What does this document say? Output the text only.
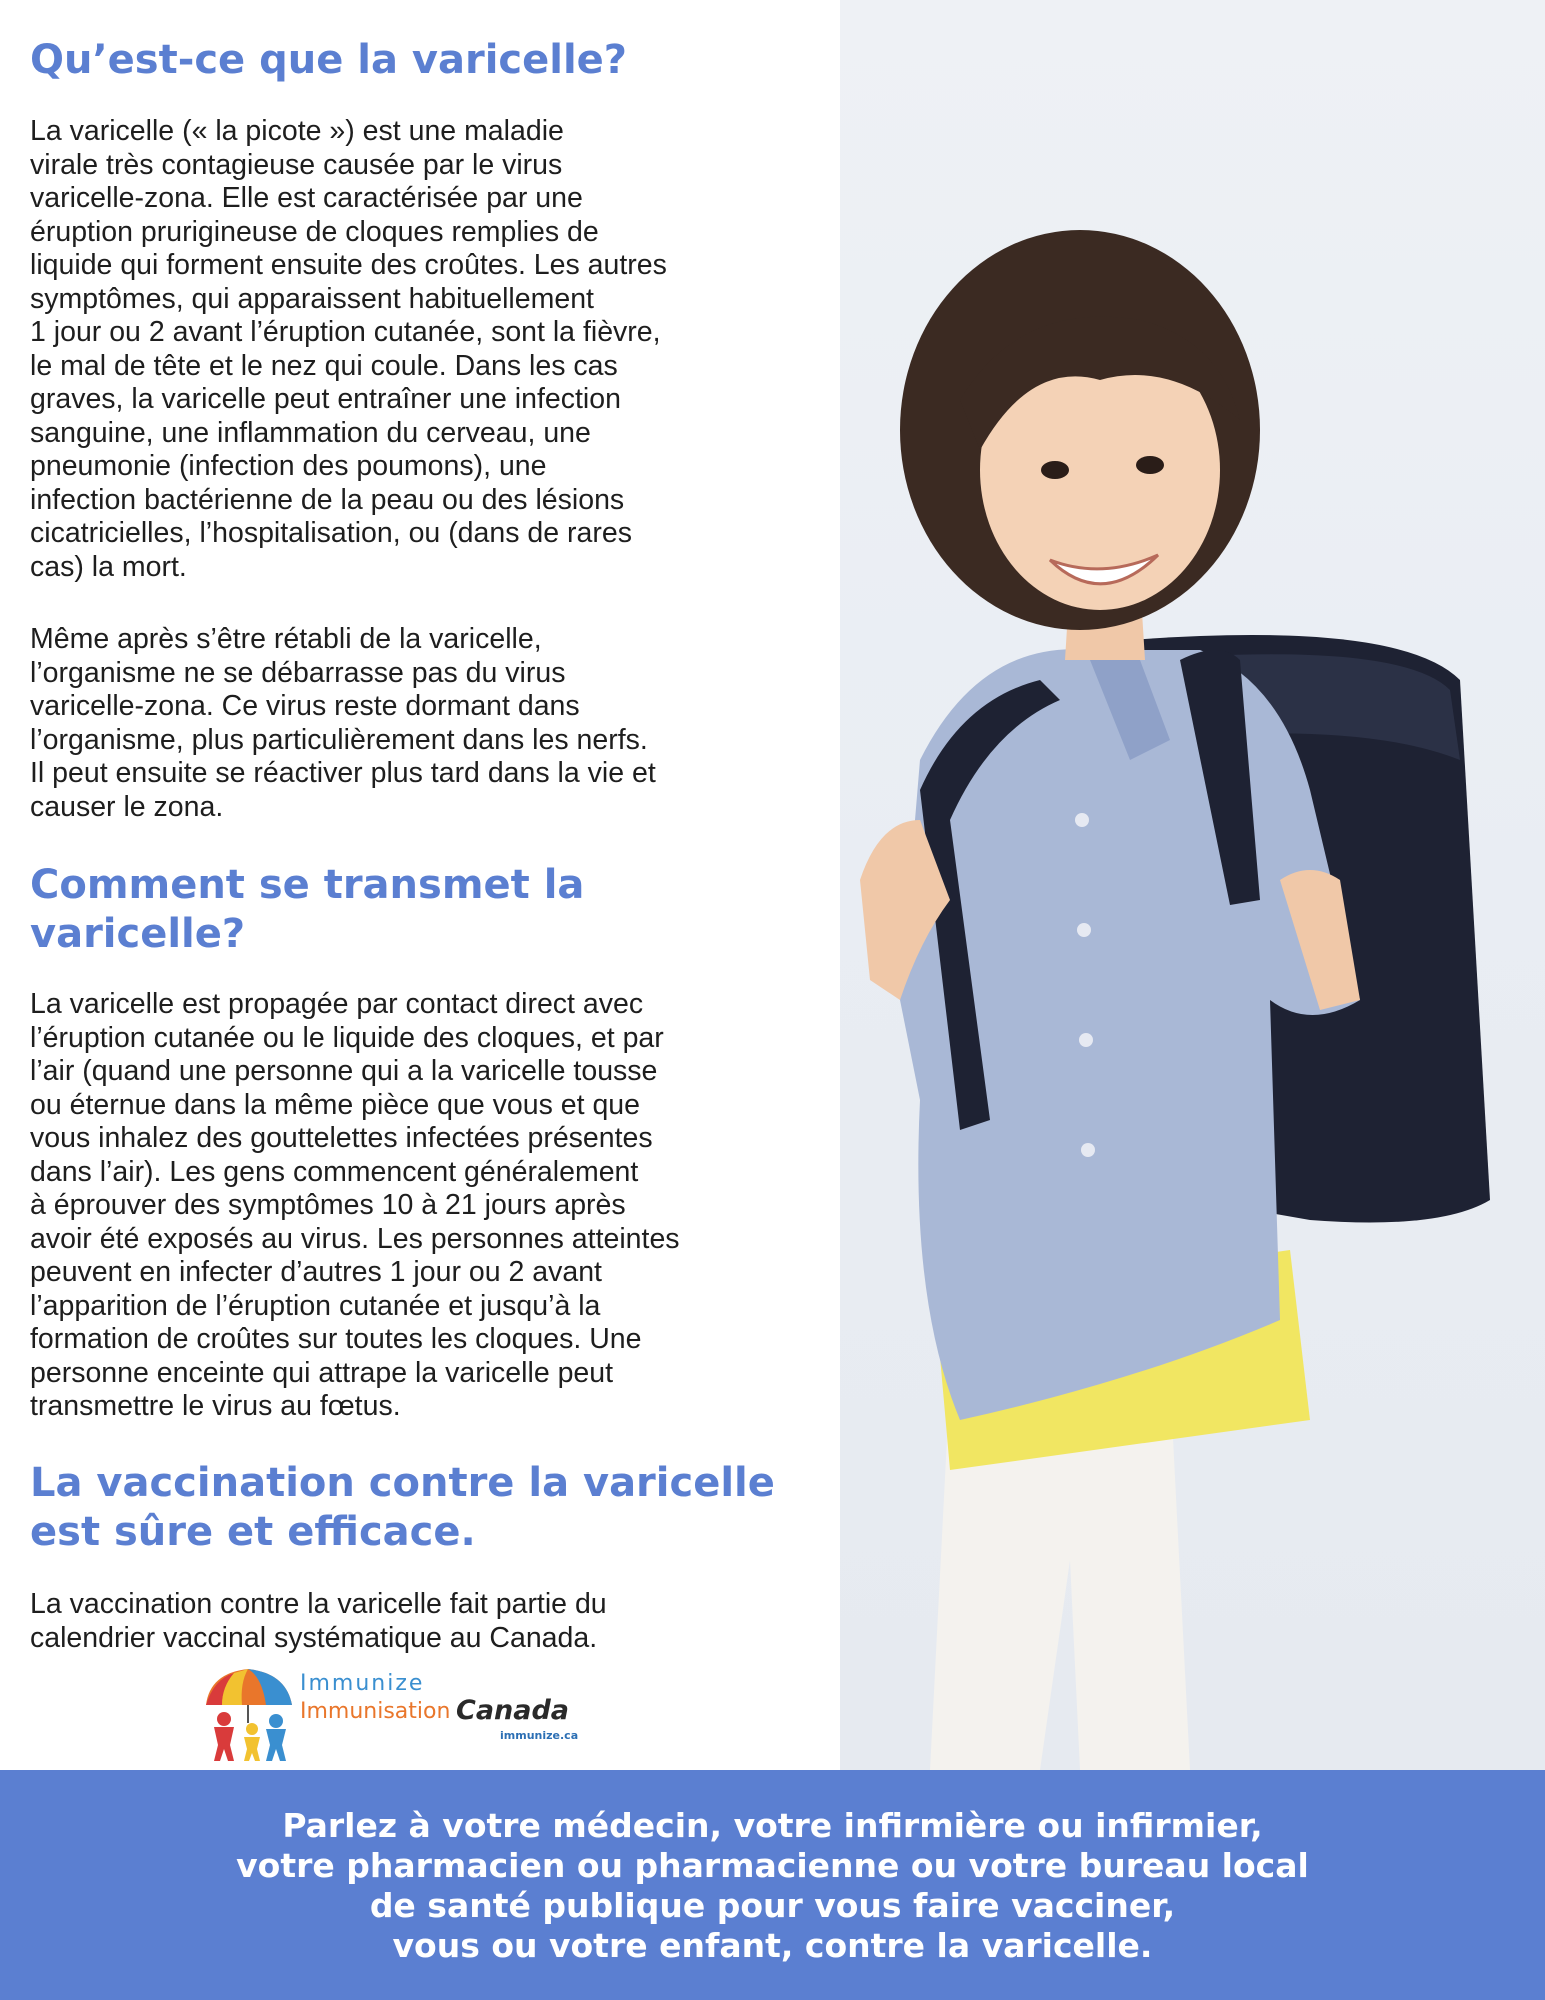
Qu’est-ce que la varicelle?

La varicelle (« la picote ») est une maladie
virale très contagieuse causée par le virus
varicelle-zona. Elle est caractérisée par une
éruption prurigineuse de cloques remplies de
liquide qui forment ensuite des croûtes. Les autres
symptômes, qui apparaissent habituellement
1 jour ou 2 avant l’éruption cutanée, sont la fièvre,
le mal de tête et le nez qui coule. Dans les cas
graves, la varicelle peut entraîner une infection
sanguine, une inflammation du cerveau, une
pneumonie (infection des poumons), une
infection bactérienne de la peau ou des lésions
cicatricielles, l’hospitalisation, ou (dans de rares
cas) la mort.

Même après s’être rétabli de la varicelle,
l’organisme ne se débarrasse pas du virus
varicelle-zona. Ce virus reste dormant dans
l’organisme, plus particulièrement dans les nerfs.
Il peut ensuite se réactiver plus tard dans la vie et
causer le zona.

Comment se transmet la
varicelle?

La varicelle est propagée par contact direct avec
l’éruption cutanée ou le liquide des cloques, et par
l’air (quand une personne qui a la varicelle tousse
ou éternue dans la même pièce que vous et que
vous inhalez des gouttelettes infectées présentes
dans l’air). Les gens commencent généralement
à éprouver des symptômes 10 à 21 jours après
avoir été exposés au virus. Les personnes atteintes
peuvent en infecter d’autres 1 jour ou 2 avant
l’apparition de l’éruption cutanée et jusqu’à la
formation de croûtes sur toutes les cloques. Une
personne enceinte qui attrape la varicelle peut
transmettre le virus au fœtus.

La vaccination contre la varicelle
est sûre et efficace.

La vaccination contre la varicelle fait partie du
calendrier vaccinal systématique au Canada.

Immunize
Immunisation Canada
immunize.ca

Parlez à votre médecin, votre infirmière ou infirmier,
votre pharmacien ou pharmacienne ou votre bureau local
de santé publique pour vous faire vacciner,
vous ou votre enfant, contre la varicelle.
